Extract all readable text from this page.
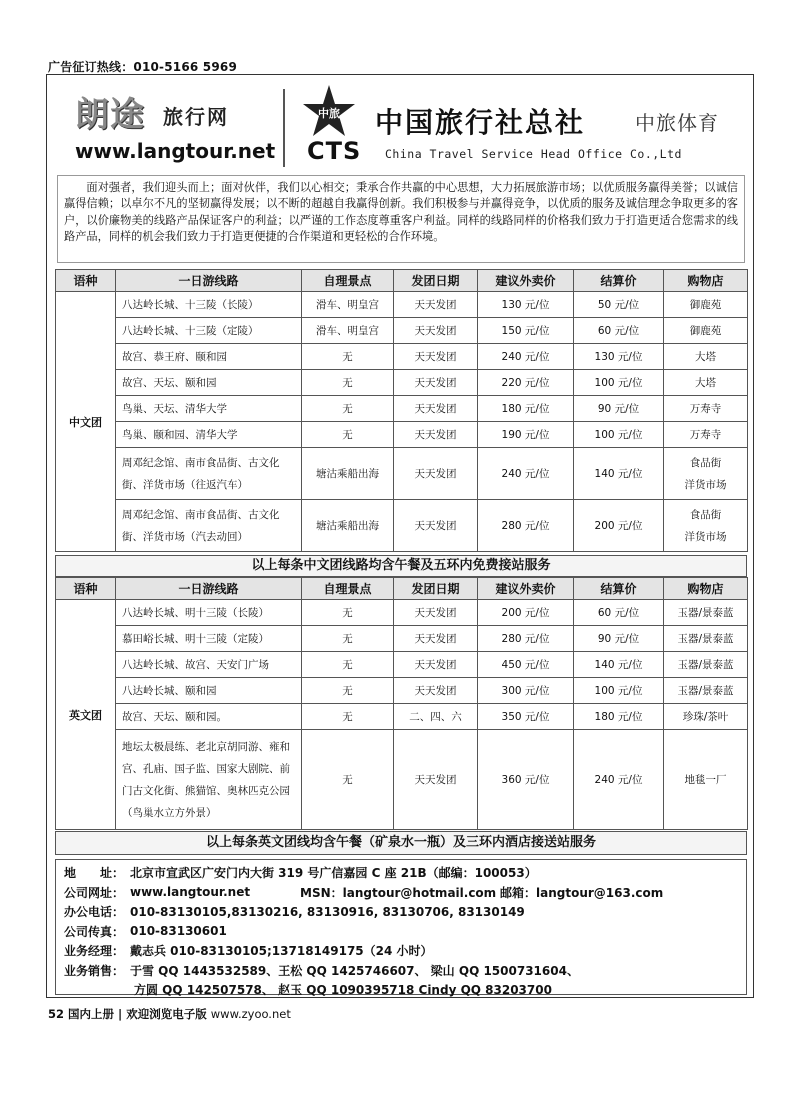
广告征订热线：010-5166 5969
朗途 旅行网
www.langtour.net
中旅
CTS
中国旅行社总社 中旅体育
China Travel Service Head Office Co.,Ltd
面对强者，我们迎头而上；面对伙伴，我们以心相交；秉承合作共赢的中心思想，大力拓展旅游市场；以优质服务赢得美誉；以诚信赢得信赖；以卓尔不凡的坚韧赢得发展；以不断的超越自我赢得创新。我们积极参与并赢得竞争，以优质的服务及诚信理念争取更多的客户，以价廉物美的线路产品保证客户的利益；以严谨的工作态度尊重客户利益。同样的线路同样的价格我们致力于打造更适合您需求的线路产品，同样的机会我们致力于打造更便捷的合作渠道和更轻松的合作环境。
语种	一日游线路	自理景点	发团日期	建议外卖价	结算价	购物店
中文团	八达岭长城、十三陵（长陵）	滑车、明皇宫	天天发团	130 元/位	50 元/位	御鹿苑
	八达岭长城、十三陵（定陵）	滑车、明皇宫	天天发团	150 元/位	60 元/位	御鹿苑
	故宫、恭王府、颐和园	无	天天发团	240 元/位	130 元/位	大塔
	故宫、天坛、颐和园	无	天天发团	220 元/位	100 元/位	大塔
	鸟巢、天坛、清华大学	无	天天发团	180 元/位	90 元/位	万寿寺
	鸟巢、颐和园、清华大学	无	天天发团	190 元/位	100 元/位	万寿寺
	周邓纪念馆、南市食品街、古文化街、洋货市场（往返汽车）	塘沽乘船出海	天天发团	240 元/位	140 元/位	食品街
洋货市场
	周邓纪念馆、南市食品街、古文化街、洋货市场（汽去动回）	塘沽乘船出海	天天发团	280 元/位	200 元/位	食品街
洋货市场
以上每条中文团线路均含午餐及五环内免费接站服务
语种	一日游线路	自理景点	发团日期	建议外卖价	结算价	购物店
英文团	八达岭长城、明十三陵（长陵）	无	天天发团	200 元/位	60 元/位	玉器/景泰蓝
	慕田峪长城、明十三陵（定陵）	无	天天发团	280 元/位	90 元/位	玉器/景泰蓝
	八达岭长城、故宫、天安门广场	无	天天发团	450 元/位	140 元/位	玉器/景泰蓝
	八达岭长城、颐和园	无	天天发团	300 元/位	100 元/位	玉器/景泰蓝
	故宫、天坛、颐和园。	无	二、四、六	350 元/位	180 元/位	珍珠/茶叶
	地坛太极晨练、老北京胡同游、雍和宫、孔庙、国子监、国家大剧院、前门古文化街、熊猫馆、奥林匹克公园（鸟巢水立方外景）	无	天天发团	360 元/位	240 元/位	地毯一厂
以上每条英文团线均含午餐（矿泉水一瓶）及三环内酒店接送站服务
地　　址： 北京市宣武区广安门内大街 319 号广信嘉园 C 座 21B（邮编：100053）
公司网址： www.langtour.net	MSN：langtour@hotmail.com 邮箱：langtour@163.com
办公电话： 010-83130105,83130216, 83130916, 83130706, 83130149
公司传真： 010-83130601
业务经理： 戴志兵 010-83130105;13718149175（24 小时）
业务销售： 于雪 QQ 1443532589、王松 QQ 1425746607、 梁山 QQ 1500731604、
方圆 QQ 142507578、 赵玉 QQ 1090395718 Cindy QQ 83203700
52 国内上册 | 欢迎浏览电子版 www.zyoo.net
